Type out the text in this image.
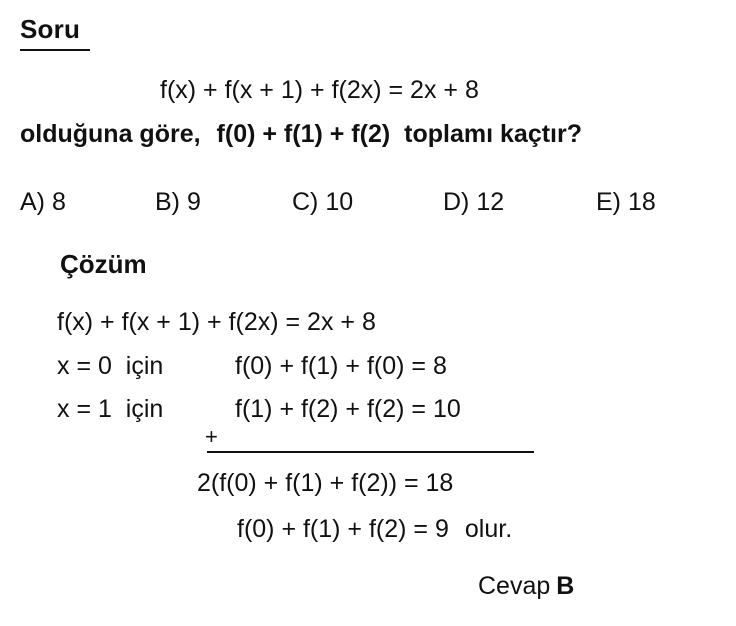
Soru
f(x) + f(x + 1) + f(2x) = 2x + 8
olduğuna göre, f(0) + f(1) + f(2) toplamı kaçtır?
A) 8	B) 9	C) 10	D) 12	E) 18
Çözüm
f(x) + f(x + 1) + f(2x) = 2x + 8
x = 0  için	f(0) + f(1) + f(0) = 8
x = 1  için	f(1) + f(2) + f(2) = 10
+
2(f(0) + f(1) + f(2)) = 18
f(0) + f(1) + f(2) = 9 olur.
Cevap B
